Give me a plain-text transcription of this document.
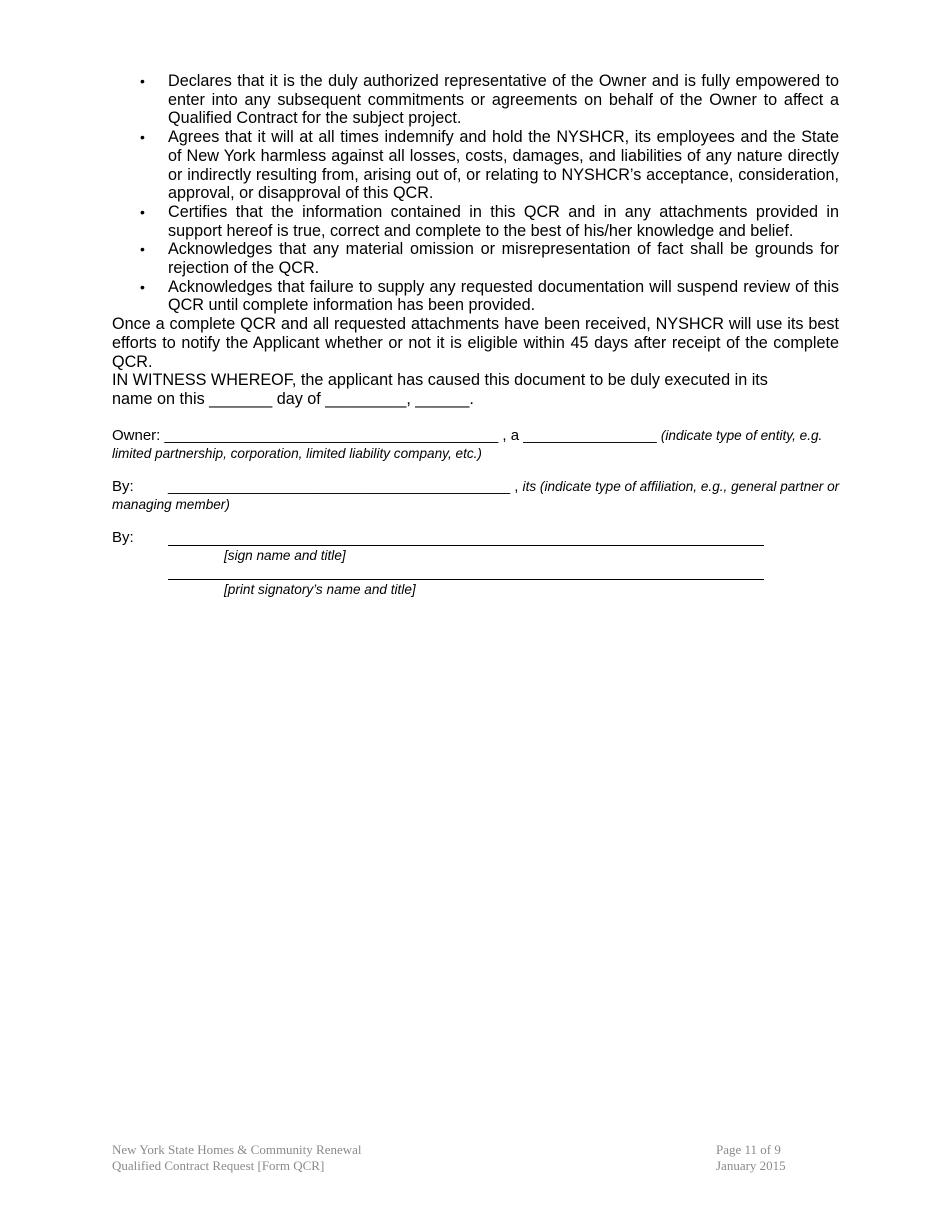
• Declares that it is the duly authorized representative of the Owner and is fully empowered to enter into any subsequent commitments or agreements on behalf of the Owner to affect a Qualified Contract for the subject project.
• Agrees that it will at all times indemnify and hold the NYSHCR, its employees and the State of New York harmless against all losses, costs, damages, and liabilities of any nature directly or indirectly resulting from, arising out of, or relating to NYSHCR’s acceptance, consideration, approval, or disapproval of this QCR.
• Certifies that the information contained in this QCR and in any attachments provided in support hereof is true, correct and complete to the best of his/her knowledge and belief.
• Acknowledges that any material omission or misrepresentation of fact shall be grounds for rejection of the QCR.
• Acknowledges that failure to supply any requested documentation will suspend review of this QCR until complete information has been provided.

Once a complete QCR and all requested attachments have been received, NYSHCR will use its best efforts to notify the Applicant whether or not it is eligible within 45 days after receipt of the complete QCR.

IN WITNESS WHEREOF, the applicant has caused this document to be duly executed in its
name on this _______ day of _________, ______.

Owner: ________________________________________ , a ________________ (indicate type of entity, e.g.
limited partnership, corporation, limited liability company, etc.)
By: _________________________________________ , its (indicate type of affiliation, e.g., general partner or
managing member)
By:
[sign name and title]
[print signatory’s name and title]
New York State Homes & Community Renewal
Qualified Contract Request [Form QCR]
Page 11 of 9
January 2015
